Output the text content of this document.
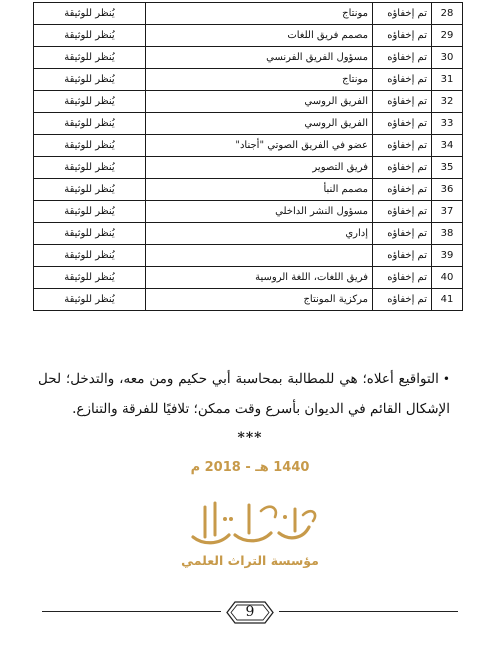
28	تم إخفاؤه	مونتاج	يُنظر للوثيقة
29	تم إخفاؤه	مصمم فريق اللغات	يُنظر للوثيقة
30	تم إخفاؤه	مسؤول الفريق الفرنسي	يُنظر للوثيقة
31	تم إخفاؤه	مونتاج	يُنظر للوثيقة
32	تم إخفاؤه	الفريق الروسي	يُنظر للوثيقة
33	تم إخفاؤه	الفريق الروسي	يُنظر للوثيقة
34	تم إخفاؤه	عضو في الفريق الصوتي "أجناد"	يُنظر للوثيقة
35	تم إخفاؤه	فريق التصوير	يُنظر للوثيقة
36	تم إخفاؤه	مصمم النبأ	يُنظر للوثيقة
37	تم إخفاؤه	مسؤول النشر الداخلي	يُنظر للوثيقة
38	تم إخفاؤه	إداري	يُنظر للوثيقة
39	تم إخفاؤه		يُنظر للوثيقة
40	تم إخفاؤه	فريق اللغات، اللغة الروسية	يُنظر للوثيقة
41	تم إخفاؤه	مركزية المونتاج	يُنظر للوثيقة
•التواقيع أعلاه؛ هي للمطالبة بمحاسبة أبي حكيم ومن معه، والتدخل؛ لحل الإشكال القائم في الديوان بأسرع وقت ممكن؛ تلافيًا للفرقة والتنازع.
***
1440 هـ - 2018 م
مؤسسة التراث العلمي
9
